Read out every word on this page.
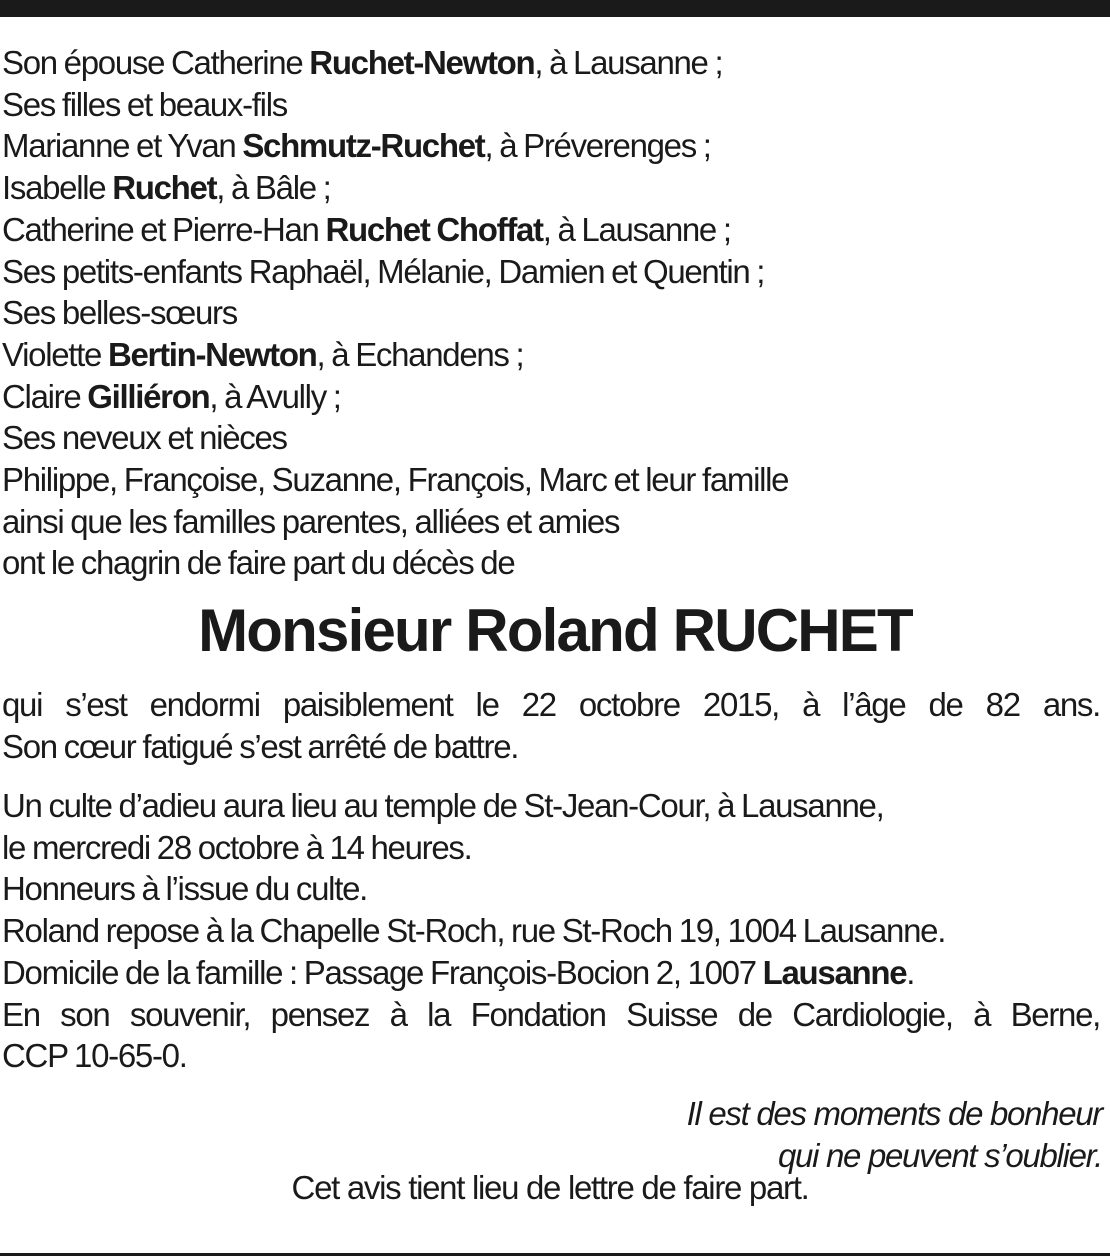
Son épouse Catherine Ruchet-Newton, à Lausanne ;
Ses filles et beaux-fils
Marianne et Yvan Schmutz-Ruchet, à Préverenges ;
Isabelle Ruchet, à Bâle ;
Catherine et Pierre-Han Ruchet Choffat, à Lausanne ;
Ses petits-enfants Raphaël, Mélanie, Damien et Quentin ;
Ses belles-sœurs
Violette Bertin-Newton, à Echandens ;
Claire Gilliéron, à Avully ;
Ses neveux et nièces
Philippe, Françoise, Suzanne, François, Marc et leur famille
ainsi que les familles parentes, alliées et amies
ont le chagrin de faire part du décès de
Monsieur Roland RUCHET
qui s’est endormi paisiblement le 22 octobre 2015, à l’âge de 82 ans.
Son cœur fatigué s’est arrêté de battre.
Un culte d’adieu aura lieu au temple de St-Jean-Cour, à Lausanne,
le mercredi 28 octobre à 14 heures.
Honneurs à l’issue du culte.
Roland repose à la Chapelle St-Roch, rue St-Roch 19, 1004 Lausanne.
Domicile de la famille : Passage François-Bocion 2, 1007 Lausanne.
En son souvenir, pensez à la Fondation Suisse de Cardiologie, à Berne,
CCP 10-65-0.
Il est des moments de bonheur
qui ne peuvent s’oublier.
Cet avis tient lieu de lettre de faire part.
